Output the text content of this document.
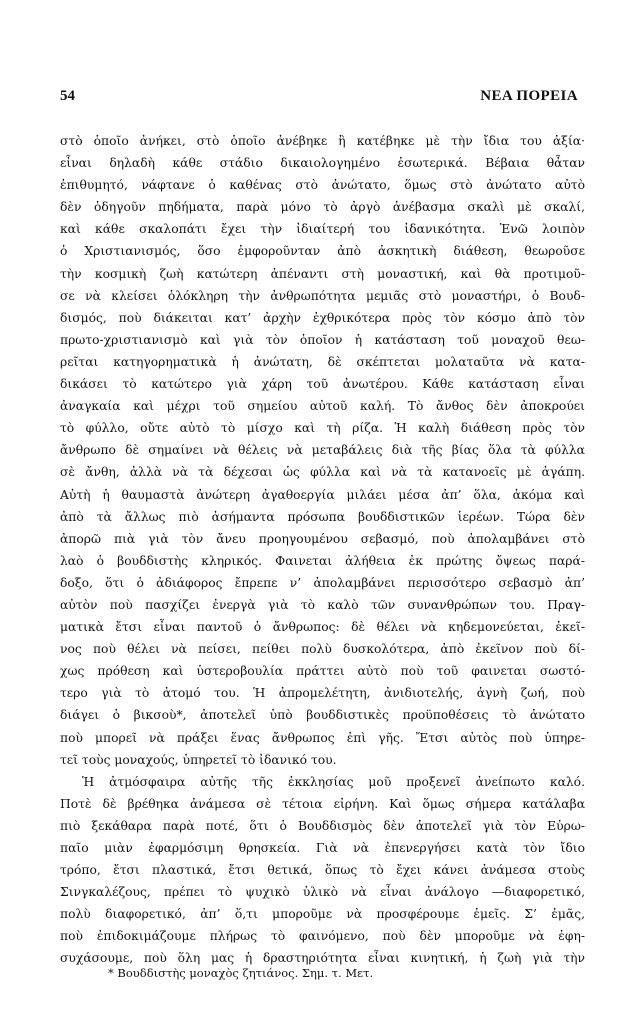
54	ΝΕΑ ΠΟΡΕΙΑ
στὸ ὁποῖο ἀνήκει, στὸ ὁποῖο ἀνέβηκε ἢ κατέβηκε μὲ τὴν ἴδια του ἀξία·
εἶναι δηλαδὴ κάθε στάδιο δικαιολογημένο ἐσωτερικά. Βέβαια θἆταν
ἐπιθυμητό, νάφτανε ὁ καθένας στὸ ἀνώτατο, ὅμως στὸ ἀνώτατο αὐτὸ
δὲν ὁδηγοῦν πηδήματα, παρὰ μόνο τὸ ἀργὸ ἀνέβασμα σκαλὶ μὲ σκαλί,
καὶ κάθε σκαλοπάτι ἔχει τὴν ἰδιαίτερή του ἰδανικότητα. Ἐνῶ λοιπὸν
ὁ Χριστιανισμός, ὅσο ἐμφοροῦνταν ἀπὸ ἀσκητικὴ διάθεση, θεωροῦσε
τὴν κοσμικὴ ζωὴ κατώτερη ἀπέναντι στὴ μοναστική, καὶ θὰ προτιμοῦ-
σε νὰ κλείσει ὁλόκληρη τὴν ἀνθρωπότητα μεμιᾶς στὸ μοναστήρι, ὁ Βουδ-
δισμός, ποὺ διάκειται κατ’ ἀρχὴν ἐχθρικότερα πρὸς τὸν κόσμο ἀπὸ τὸν
πρωτο-χριστιανισμὸ καὶ γιὰ τὸν ὁποῖον ἡ κατάσταση τοῦ μοναχοῦ θεω-
ρεῖται κατηγορηματικὰ ἡ ἀνώτατη, δὲ σκέπτεται μολαταῦτα νὰ κατα-
δικάσει τὸ κατώτερο γιὰ χάρη τοῦ ἀνωτέρου. Κάθε κατάσταση εἶναι
ἀναγκαία καὶ μέχρι τοῦ σημείου αὐτοῦ καλή. Τὸ ἄνθος δὲν ἀποκρούει
τὸ φύλλο, οὔτε αὐτὸ τὸ μίσχο καὶ τὴ ρίζα. Ἡ καλὴ διάθεση πρὸς τὸν
ἄνθρωπο δὲ σημαίνει νὰ θέλεις νὰ μεταβάλεις διὰ τῆς βίας ὅλα τὰ φύλλα
σὲ ἄνθη, ἀλλὰ νὰ τὰ δέχεσαι ὡς φύλλα καὶ νὰ τὰ κατανοεῖς μὲ ἀγάπη.
Αὐτὴ ἡ θαυμαστὰ ἀνώτερη ἀγαθοεργία μιλάει μέσα ἀπ’ ὅλα, ἀκόμα καὶ
ἀπὸ τὰ ἄλλως πιὸ ἀσήμαντα πρόσωπα βουδδιστικῶν ἱερέων. Τώρα δὲν
ἀπορῶ πιὰ γιὰ τὸν ἄνευ προηγουμένου σεβασμό, ποὺ ἀπολαμβάνει στὸ
λαὸ ὁ βουδδιστὴς κληρικός. Φαινεται ἀλήθεια ἐκ πρώτης ὄψεως παρά-
δοξο, ὅτι ὁ ἀδιάφορος ἔπρεπε ν’ ἀπολαμβάνει περισσότερο σεβασμὸ ἀπ’
αὐτὸν ποὺ πασχίζει ἐνεργὰ γιὰ τὸ καλὸ τῶν συνανθρώπων του. Πραγ-
ματικὰ ἔτσι εἶναι παντοῦ ὁ ἄνθρωπος: δὲ θέλει νὰ κηδεμονεύεται, ἐκεῖ-
νος ποὺ θέλει νὰ πείσει, πείθει πολὺ δυσκολότερα, ἀπὸ ἐκεῖνον ποὺ δί-
χως πρόθεση καὶ ὑστεροβουλία πράττει αὐτὸ ποὺ τοῦ φαινεται σωστό-
τερο γιὰ τὸ ἀτομό του. Ἡ ἀπρομελέτητη, ἀνιδιοτελής, ἁγνὴ ζωή, ποὺ
διάγει ὁ βικσοὺ*, ἀποτελεῖ ὑπὸ βουδδιστικὲς προϋποθέσεις τὸ ἀνώτατο
ποὺ μπορεῖ νὰ πράξει ἕνας ἄνθρωπος ἐπὶ γῆς. Ἔτσι αὐτὸς ποὺ ὑπηρε-
τεῖ τοὺς μοναχούς, ὑπηρετεῖ τὸ ἰδανικό του.
Ἡ ἀτμόσφαιρα αὐτῆς τῆς ἐκκλησίας μοῦ προξενεῖ ἀνείπωτο καλό.
Ποτὲ δὲ βρέθηκα ἀνάμεσα σὲ τέτοια εἰρήνη. Καὶ ὅμως σήμερα κατάλαβα
πιὸ ξεκάθαρα παρὰ ποτέ, ὅτι ὁ Βουδδισμὸς δὲν ἀποτελεῖ γιὰ τὸν Εὐρω-
παῖο μιὰν ἐφαρμόσιμη θρησκεία. Γιὰ νὰ ἐπενεργήσει κατὰ τὸν ἴδιο
τρόπο, ἔτσι πλαστικά, ἔτσι θετικά, ὅπως τὸ ἔχει κάνει ἀνάμεσα στοὺς
Σινγκαλέζους, πρέπει τὸ ψυχικὸ ὑλικὸ νὰ εἶναι ἀνάλογο —διαφορετικό,
πολὺ διαφορετικό, ἀπ’ ὅ,τι μποροῦμε νὰ προσφέρουμε ἐμεῖς. Σ’ ἐμᾶς,
ποὺ ἐπιδοκιμάζουμε πλήρως τὸ φαινόμενο, ποὺ δὲν μποροῦμε νὰ ἐφη-
συχάσουμε, ποὺ ὅλη μας ἡ δραστηριότητα εἶναι κινητική, ἡ ζωὴ γιὰ τὴν
* Βουδδιστὴς μοναχὸς ζητιάνος. Σημ. τ. Μετ.
